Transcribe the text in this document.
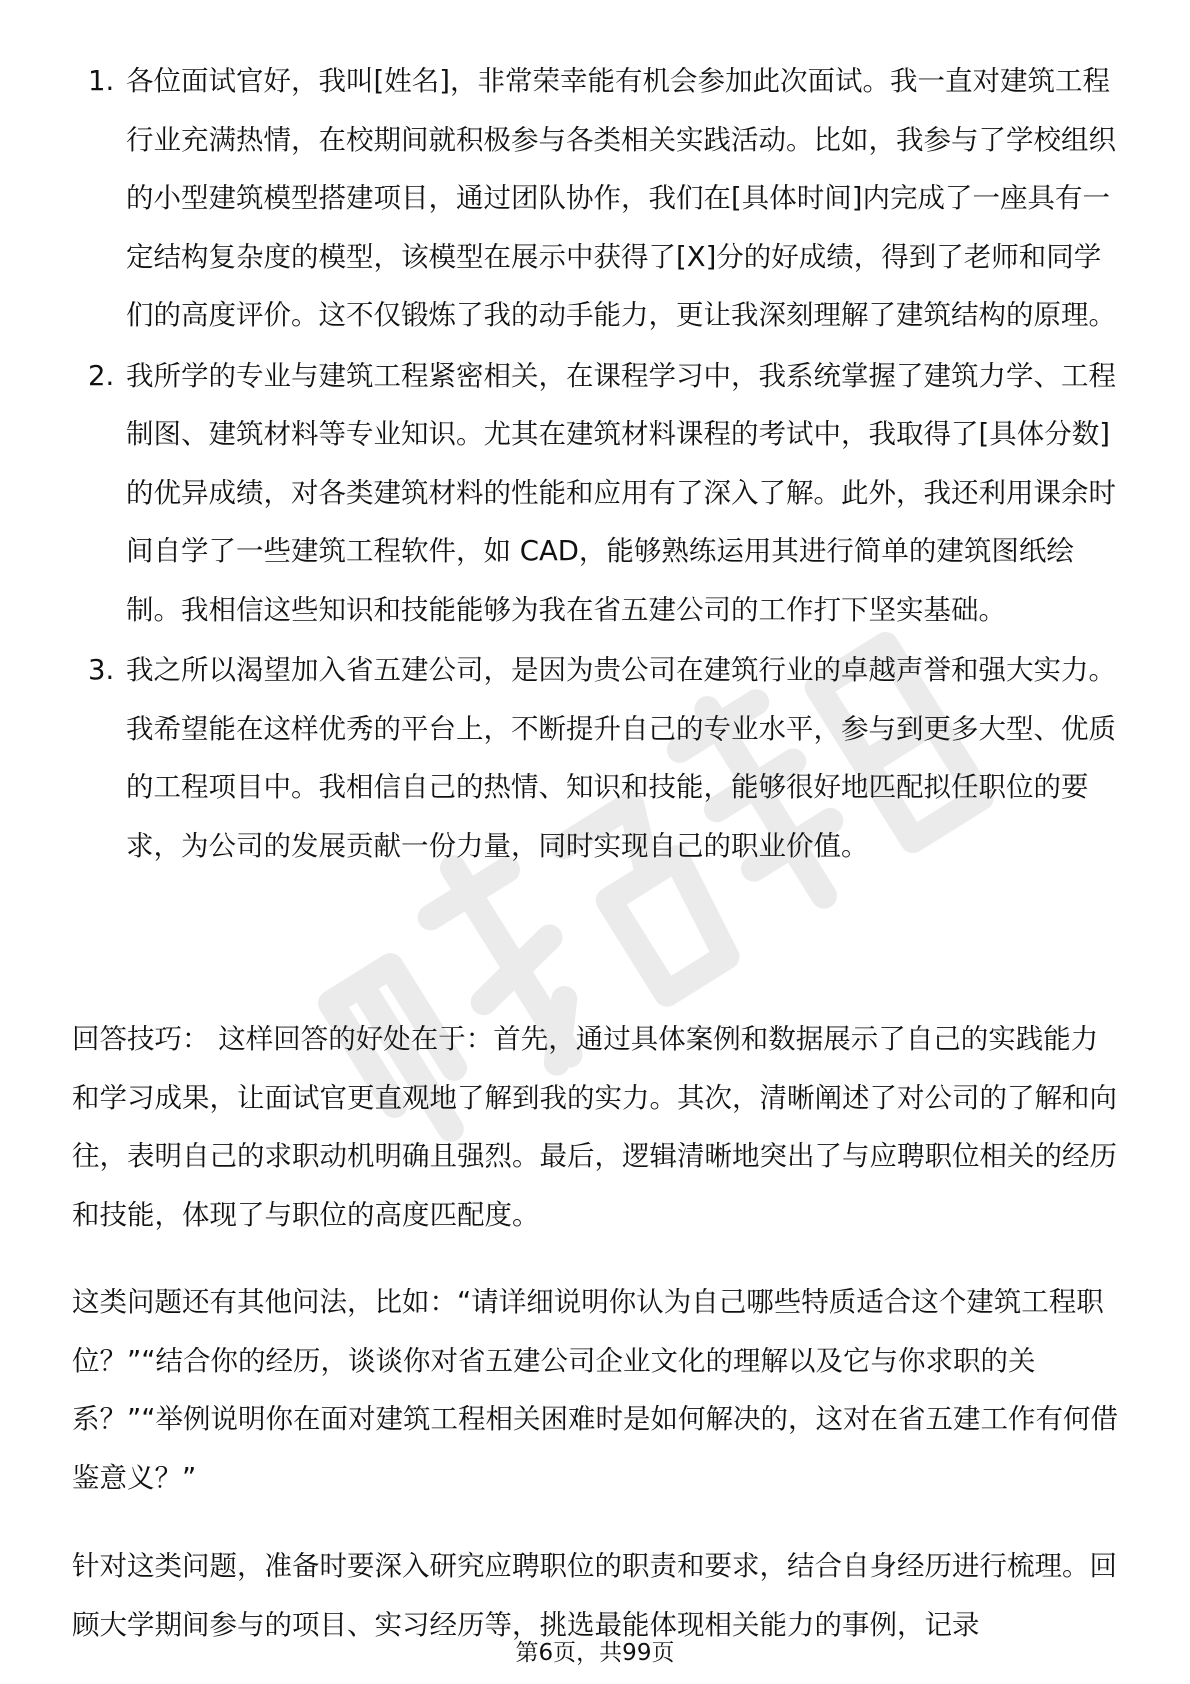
1. 各位面试官好，我叫[姓名]，非常荣幸能有机会参加此次面试。我一直对建筑工程行业充满热情，在校期间就积极参与各类相关实践活动。比如，我参与了学校组织的小型建筑模型搭建项目，通过团队协作，我们在[具体时间]内完成了一座具有一定结构复杂度的模型，该模型在展示中获得了[X]分的好成绩，得到了老师和同学们的高度评价。这不仅锻炼了我的动手能力，更让我深刻理解了建筑结构的原理。
2. 我所学的专业与建筑工程紧密相关，在课程学习中，我系统掌握了建筑力学、工程制图、建筑材料等专业知识。尤其在建筑材料课程的考试中，我取得了[具体分数]的优异成绩，对各类建筑材料的性能和应用有了深入了解。此外，我还利用课余时间自学了一些建筑工程软件，如 CAD，能够熟练运用其进行简单的建筑图纸绘制。我相信这些知识和技能能够为我在省五建公司的工作打下坚实基础。
3. 我之所以渴望加入省五建公司，是因为贵公司在建筑行业的卓越声誉和强大实力。我希望能在这样优秀的平台上，不断提升自己的专业水平，参与到更多大型、优质的工程项目中。我相信自己的热情、知识和技能，能够很好地匹配拟任职位的要求，为公司的发展贡献一份力量，同时实现自己的职业价值。

回答技巧： 这样回答的好处在于：首先，通过具体案例和数据展示了自己的实践能力和学习成果，让面试官更直观地了解到我的实力。其次，清晰阐述了对公司的了解和向往，表明自己的求职动机明确且强烈。最后，逻辑清晰地突出了与应聘职位相关的经历和技能，体现了与职位的高度匹配度。

这类问题还有其他问法，比如：“请详细说明你认为自己哪些特质适合这个建筑工程职位？”“结合你的经历，谈谈你对省五建公司企业文化的理解以及它与你求职的关系？”“举例说明你在面对建筑工程相关困难时是如何解决的，这对在省五建工作有何借鉴意义？”

针对这类问题，准备时要深入研究应聘职位的职责和要求，结合自身经历进行梳理。回顾大学期间参与的项目、实习经历等，挑选最能体现相关能力的事例，记录

第6页，共99页
